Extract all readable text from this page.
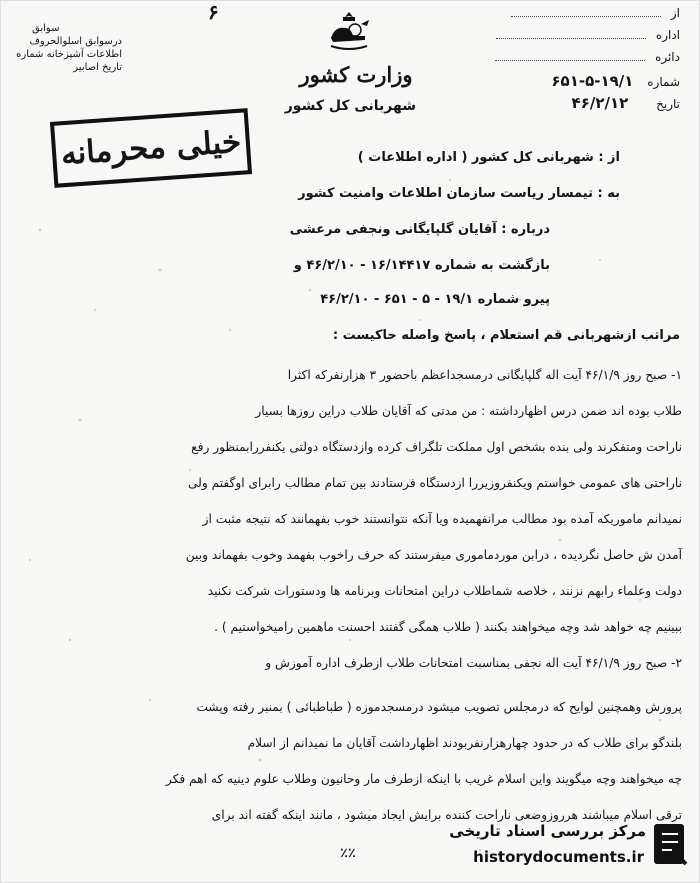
۶
سوابق
درسوابق اسلوالحروف
اطلاعات آشپزخانه شماره
تاریخ اصابیر	وزارت کشور
شهربانی کل کشور
از
اداره
دائره
شماره ۱۹/۱-۵-۶۵۱
تاریخ ۴۶/۲/۱۲
خیلی محرمانه	از : شهربانی کل کشور ( اداره اطلاعات )
به : تیمسار ریاست سازمان اطلاعات وامنیت کشور
درباره : آقایان گلپایگانی ونجفی مرعشی
بازگشت به شماره ۱۶/۱۴۴۱۷ - ۴۶/۲/۱۰ و
پیرو شماره ۱۹/۱ - ۵ - ۶۵۱ - ۴۶/۲/۱۰
مراتب ازشهربانی قم استعلام ، پاسخ واصله حاکیست :
۱- صبح روز ۴۶/۱/۹ آیت اله گلپایگانی درمسجداعظم باحضور ۳ هزارنفرکه اکثرا
طلاب بوده اند ضمن درس اظهارداشته : من مدتی که آقایان طلاب دراین روزها بسیار
ناراحت ومتفکرند ولی بنده بشخص اول مملکت تلگراف کرده وازدستگاه دولتی یکنفررابمنظور رفع
ناراحتی های عمومی خواستم ویکنفروزیررا ازدستگاه فرستادند بین تمام مطالب رابرای اوگفتم ولی
نمیدانم ماموریکه آمده بود مطالب مرانفهمیده ویا آنکه نتوانستند خوب بفهمانند که نتیجه مثبت از
آمدن ش حاصل نگردیده ، درابن موردماموری میفرستند که حرف راخوب بفهمد وخوب بفهماند وبین
دولت وعلماء رابهم نزنند ، خلاصه شماطلاب دراین امتحانات وبرنامه ها ودستورات شرکت نکنید
ببینیم چه خواهد شد وچه میخواهند بکنند ( طلاب همگی گفتند احسنت ماهمین رامیخواستیم ) .
۲- صبح روز ۴۶/۱/۹ آیت اله نجفی بمناسبت امتحانات طلاب ازطرف اداره آموزش و
پرورش وهمچنین لوایح که درمجلس تصویب میشود درمسجدموزه ( طباطبائی ) بمنبر رفته وپشت
بلندگو برای طلاب که در حدود چهارهزارنفربودند اظهارداشت آقایان ما نمیدانم از اسلام
چه میخواهند وچه میگویند واین اسلام غریب با اینکه ازطرف مار وحانیون وطلاب علوم دینیه که اهم فکر
ترقی اسلام میباشند هرروزوضعی ناراحت کننده برایش ایجاد میشود ، مانند اینکه گفته اند برای
٪٪
مرکز بررسی اسناد تاریخی
historydocuments.ir
